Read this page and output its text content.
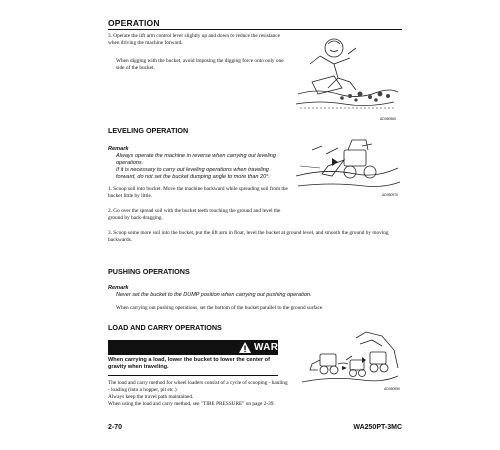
OPERATION
3. Operate the lift arm control lever slightly up and down to reduce the resistance when driving the machine forward.
When digging with the bucket, avoid imposing the digging force onto only one side of the bucket.
AD050960
LEVELING OPERATION
Remark
Always operate the machine in reverse when carrying out leveling operations.
If it is necessary to carry out leveling operations when traveling forward, do not set the bucket dumping angle to more than 20°.
1. Scoop soil into bucket. Move the machine backward while spreading soil from the bucket little by little.
2. Go over the spread soil with the bucket teeth touching the ground and level the ground by back-dragging.
3. Scoop some more soil into the bucket, put the lift arm in float, level the bucket at ground level, and smooth the ground by moving backwards.
AD050970
PUSHING OPERATIONS
Remark
Never set the bucket to the DUMP position when carrying out pushing operation.
When carrying out pushing operations, set the bottom of the bucket parallel to the ground surface.
LOAD AND CARRY OPERATIONS
WARNING
When carrying a load, lower the bucket to lower the center of gravity when traveling.
The load and carry method for wheel loaders consist of a cycle of scooping - hauling - loading (into a hopper, pit etc.)
Always keep the travel path maintained.
When using the load and carry method, see "TIRE PRESSURE" on page 2-39.
AD050990
2-70	WA250PT-3MC
